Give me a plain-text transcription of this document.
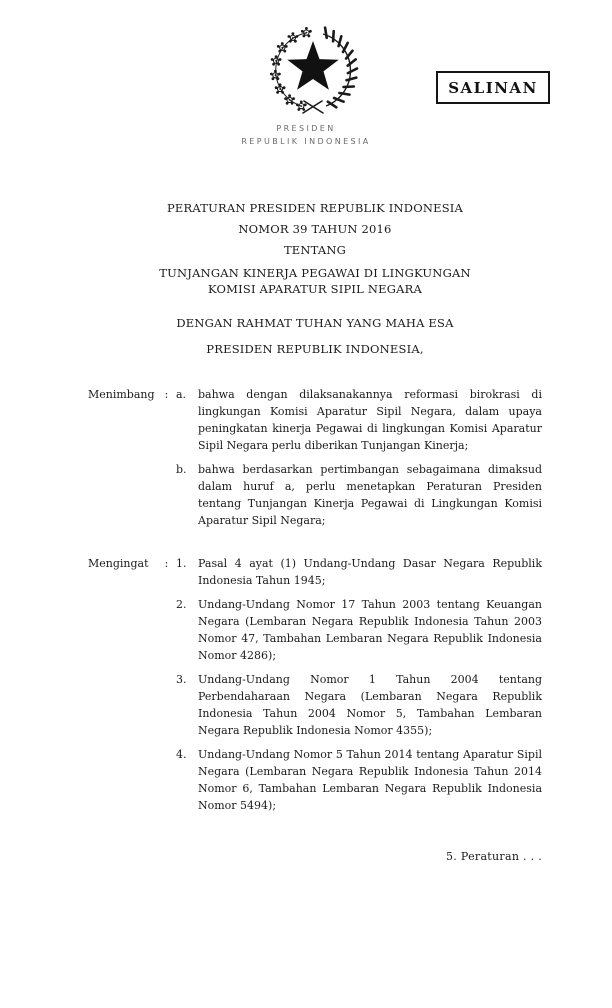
SALINAN
PRESIDEN
REPUBLIK INDONESIA
PERATURAN PRESIDEN REPUBLIK INDONESIA
NOMOR 39 TAHUN 2016
TENTANG
TUNJANGAN KINERJA PEGAWAI DI LINGKUNGAN
KOMISI APARATUR SIPIL NEGARA
DENGAN RAHMAT TUHAN YANG MAHA ESA
PRESIDEN REPUBLIK INDONESIA,
Menimbang : a.	bahwa dengan dilaksanakannya reformasi birokrasi di lingkungan Komisi Aparatur Sipil Negara, dalam upaya peningkatan kinerja Pegawai di lingkungan Komisi Aparatur Sipil Negara perlu diberikan Tunjangan Kinerja;
b.	bahwa berdasarkan pertimbangan sebagaimana dimaksud dalam huruf a, perlu menetapkan Peraturan Presiden tentang Tunjangan Kinerja Pegawai di Lingkungan Komisi Aparatur Sipil Negara;
Mengingat	: 1.	Pasal 4 ayat (1) Undang-Undang Dasar Negara Republik Indonesia Tahun 1945;
2.	Undang-Undang Nomor 17 Tahun 2003 tentang Keuangan Negara (Lembaran Negara Republik Indonesia Tahun 2003 Nomor 47, Tambahan Lembaran Negara Republik Indonesia Nomor 4286);
3.	Undang-Undang Nomor 1 Tahun 2004 tentang Perbendaharaan Negara (Lembaran Negara Republik Indonesia Tahun 2004 Nomor 5, Tambahan Lembaran Negara Republik Indonesia Nomor 4355);
4.	Undang-Undang Nomor 5 Tahun 2014 tentang Aparatur Sipil Negara (Lembaran Negara Republik Indonesia Tahun 2014 Nomor 6, Tambahan Lembaran Negara Republik Indonesia Nomor 5494);
5. Peraturan . . .
